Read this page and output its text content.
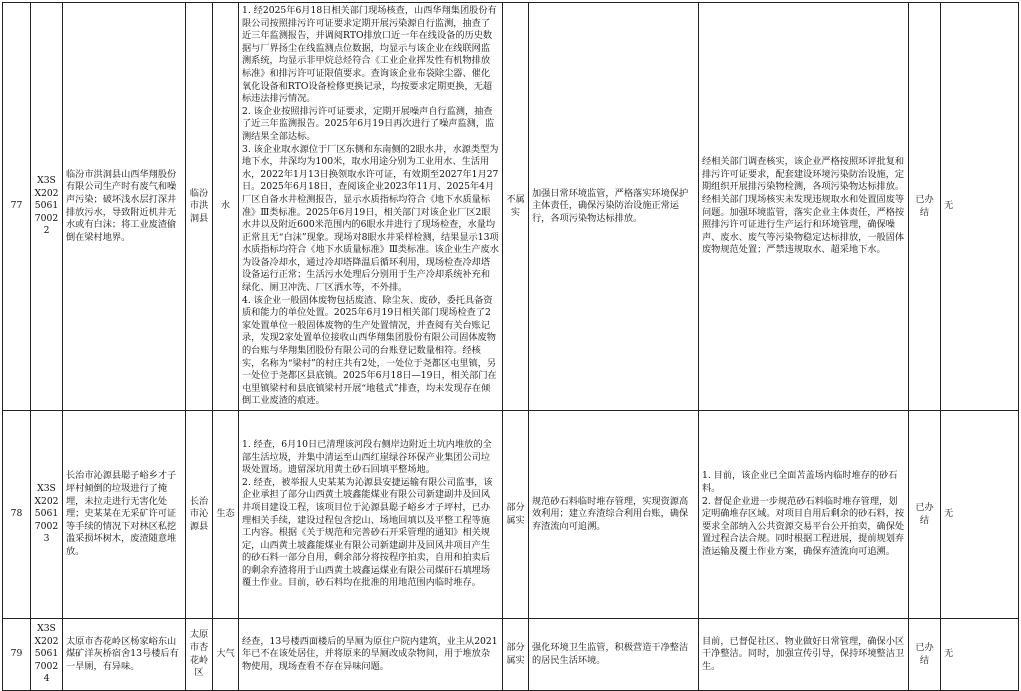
77	X3SX202506170022	临汾市洪洞县山西华翔股份有限公司生产时有废气和噪声污染；破坏浅水层打深井排放污水，导致附近机井无水或有白沫；将工业废渣偷倒在梁村地界。	临汾市洪洞县	水	1. 经2025年6月18日相关部门现场核查，山西华翔集团股份有限公司按照排污许可证要求定期开展污染源自行监测，抽查了近三年监测报告，并调阅RTO排放口近一年在线设备的历史数据与厂界扬尘在线监测点位数据，均显示与该企业在线联网监测系统，均显示非甲烷总烃符合《工业企业挥发性有机物排放标准》和排污许可证限值要求。查询该企业布袋除尘器、催化氧化设备和RTO设备检修更换记录，均按要求定期更换，无超标违法排污情况。
2. 该企业按照排污许可证要求，定期开展噪声自行监测，抽查了近三年监测报告。2025年6月19日再次进行了噪声监测，监测结果全部达标。
3. 该企业取水源位于厂区东侧和东南侧的2眼水井，水源类型为地下水，井深均为100米，取水用途分别为工业用水、生活用水，2022年1月13日换领取水许可证，有效期至2027年1月27日。2025年6月18日，查阅该企业2023年11月、2025年4月厂区自备水井检测报告，显示水质指标均符合《地下水质量标准》Ⅲ类标准。2025年6月19日，相关部门对该企业厂区2眼水井以及附近600米范围内的6眼水井进行了现场检查，水量均正常且无“白沫”现象。现场对8眼水井采样检测，结果显示13项水质指标均符合《地下水质量标准》Ⅲ类标准。该企业生产废水为设备冷却水，通过冷却塔降温后循环利用，现场检查冷却塔设备运行正常；生活污水处理后分别用于生产冷却系统补充和绿化、厕卫冲洗、厂区洒水等，不外排。
4. 该企业一般固体废物包括废渣、除尘灰、废砂，委托具备资质和能力的单位处置。2025年6月19日相关部门现场检查了2家处置单位一般固体废物的生产处置情况，并查阅有关台账记录，发现2家处置单位接收山西华翔集团股份有限公司固体废物的台账与华翔集团股份有限公司的台账登记数量相符。经核实，名称为“梁村”的村庄共有2处，一处位于尧都区屯里镇，另一处位于尧都区县底镇。2025年6月18日—19日，相关部门在屯里镇梁村和县底镇梁村开展“地毯式”排查，均未发现存在倾倒工业废渣的痕迹。	不属实	加强日常环境监管，严格落实环境保护主体责任，确保污染防治设施正常运行，各项污染物达标排放。	经相关部门调查核实，该企业严格按照环评批复和排污许可证要求，配套建设环境污染防治设施，定期组织开展排污染物检测，各项污染物达标排放。经相关部门现场核实未发现违规取水和处置固废等问题。加强环境监管，落实企业主体责任，严格按照排污许可证进行生产运行和环境管理，确保噪声、废水、废气等污染物稳定达标排放，一般固体废物规范处置；严禁违规取水、超采地下水。	已办结	无
78	X3SX202506170023	长治市沁源县聪子峪乡才子坪村倾倒的垃圾进行了掩埋，未拉走进行无害化处理；史某某在无采矿许可证等手续的情况下对林区私挖滥采损坏树木，废渣随意堆放。	长治市沁源县	生态	1. 经查，6月10日已清理该河段右侧岸边附近土坑内堆放的全部生活垃圾，并集中清运至山西红崖绿谷环保产业集团公司垃圾处置场。遗留深坑用黄土砂石回填平整场地。
2. 经查，被举报人史某某为沁源县安捷运输有限公司监事，该企业承担了部分山西黄土坡鑫能煤业有限公司新建副井及回风井项目建设工程，该项目位于沁源县聪子峪乡才子坪村，已办理相关手续，建设过程包含挖山、场地回填以及平整工程等施工内容。根据《关于规范和完善砂石开采管理的通知》相关规定，山西黄土坡鑫能煤业有限公司新建副井及回风井项目产生的砂石料一部分自用，剩余部分将按程序拍卖，自用和拍卖后的剩余弃渣将用于山西黄土坡鑫运煤业有限公司煤矸石填埋场覆土作业。目前，砂石料均在批准的用地范围内临时堆存。	部分属实	规范砂石料临时堆存管理，实现资源高效利用；建立弃渣综合利用台账，确保弃渣流向可追溯。	1. 目前，该企业已全面苫盖场内临时堆存的砂石料。
2. 督促企业进一步规范砂石料临时堆存管理，划定明确堆存区域。对项目自用后剩余的砂石料，按要求全部纳入公共资源交易平台公开拍卖，确保处置过程合法合规。同时根据工程进展，提前规划弃渣运输及覆土作业方案，确保弃渣流向可追溯。	已办结	无
79	X3SX202506170024	太原市杏花岭区杨家峪东山煤矿洋灰桥宿舍13号楼后有一旱厕，有异味。	太原市杏花岭区	大气	经查，13号楼西面楼后的旱厕为原住户院内建筑，业主从2021年已不在该处居住，并将原来的旱厕改成杂物间，用于堆放杂物使用，现场查看不存在异味问题。	部分属实	强化环境卫生监管，积极营造干净整洁的居民生活环境。	目前，已督促社区、物业做好日常管理，确保小区干净整洁。同时，加强宣传引导，保持环境整洁卫生。	已办结	无
